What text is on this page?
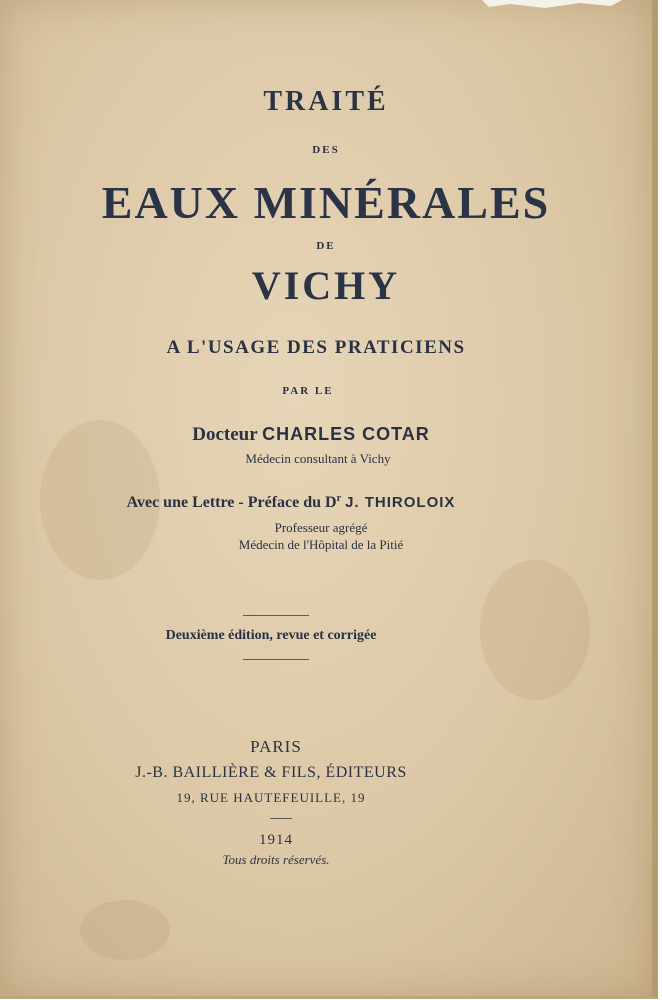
TRAITÉ
DES
EAUX MINÉRALES
DE
VICHY
A L'USAGE DES PRATICIENS
PAR LE
Docteur CHARLES COTAR
Médecin consultant à Vichy
Avec une Lettre - Préface du $D^r$ J. THIROLOIX
Professeur agrégé
Médecin de l'Hôpital de la Pitié
Deuxième édition, revue et corrigée
PARIS
J.-B. BAILLIÈRE & FILS, ÉDITEURS
19, RUE HAUTEFEUILLE, 19
1914
Tous droits réservés.
